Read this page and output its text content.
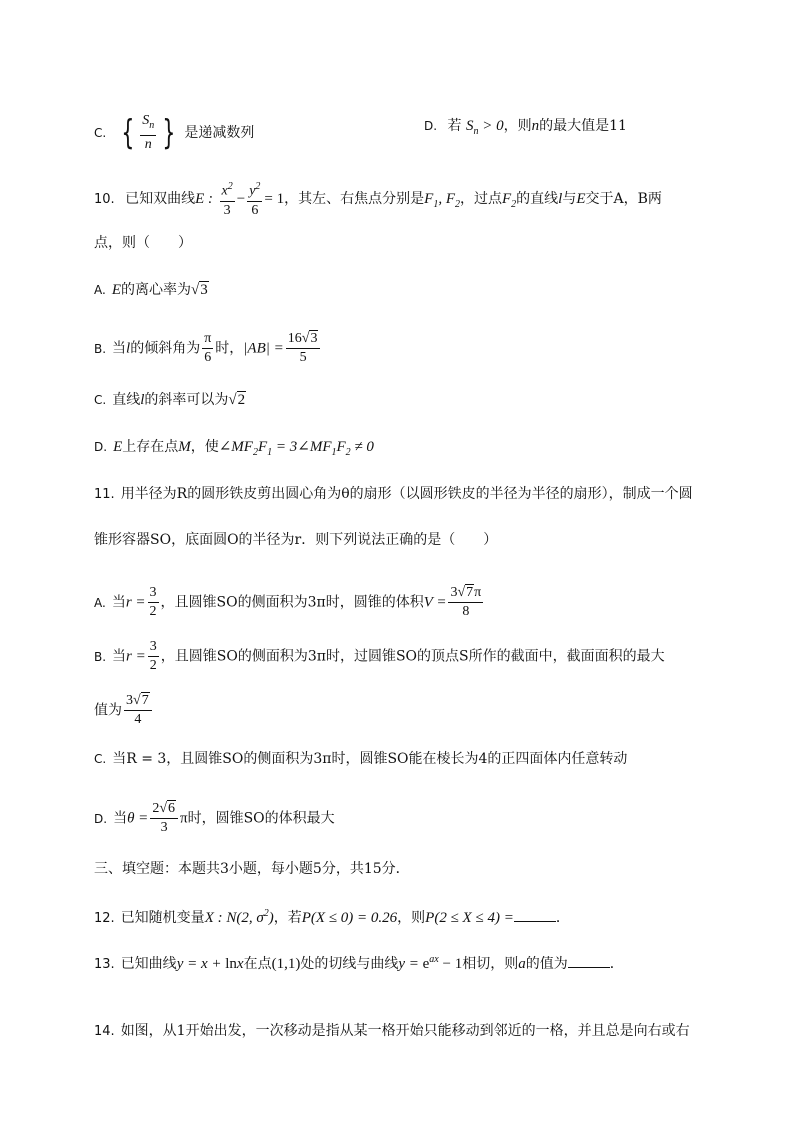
C. { $\frac{S_n}{n}$ } 是递减数列	D. 若 $S_n > 0$，则n的最大值是11
10. 已知双曲线E : $\frac{x^2}{3} - \frac{y^2}{6} = 1$，其左、右焦点分别是$F_1$, $F_2$，过点$F_2$的直线l与E交于A，B两
点，则（　　）
A. E的离心率为√3
B. 当l的倾斜角为 $\frac{\pi}{6}$ 时，$|AB| = \frac{16√3}{5}$
C. 直线l的斜率可以为√2
D. E上存在点M，使$\angle MF_2F_1$ = $3\angle MF_1F_2 \ne 0$
11. 用半径为R的圆形铁皮剪出圆心角为θ的扇形（以圆形铁皮的半径为半径的扇形），制成一个圆
锥形容器SO，底面圆O的半径为r．则下列说法正确的是（　　）
A. 当$r = \frac{3}{2}$ ，且圆锥SO的侧面积为3π时，圆锥的体积$V = \frac{3√7\pi}{8}$
B. 当$r = \frac{3}{2}$ ，且圆锥SO的侧面积为3π时，过圆锥SO的顶点S所作的截面中，截面面积的最大
值为 $\frac{3√7}{4}$
C. 当R = 3，且圆锥SO的侧面积为3π时，圆锥SO能在棱长为4的正四面体内任意转动
D. 当$\theta = \frac{2√6}{3}$ π时，圆锥SO的体积最大
三、填空题：本题共3小题，每小题5分，共15分．
12. 已知随机变量X : N(2, $\sigma^2$)，若P(X ≤ 0) = 0.26，则P(2 ≤ X ≤ 4) =	．
13. 已知曲线y = x + lnx在点(1,1)处的切线与曲线$y = e^{ax} - 1$相切，则a的值为	．
14. 如图，从1开始出发，一次移动是指从某一格开始只能移动到邻近的一格，并且总是向右或右
